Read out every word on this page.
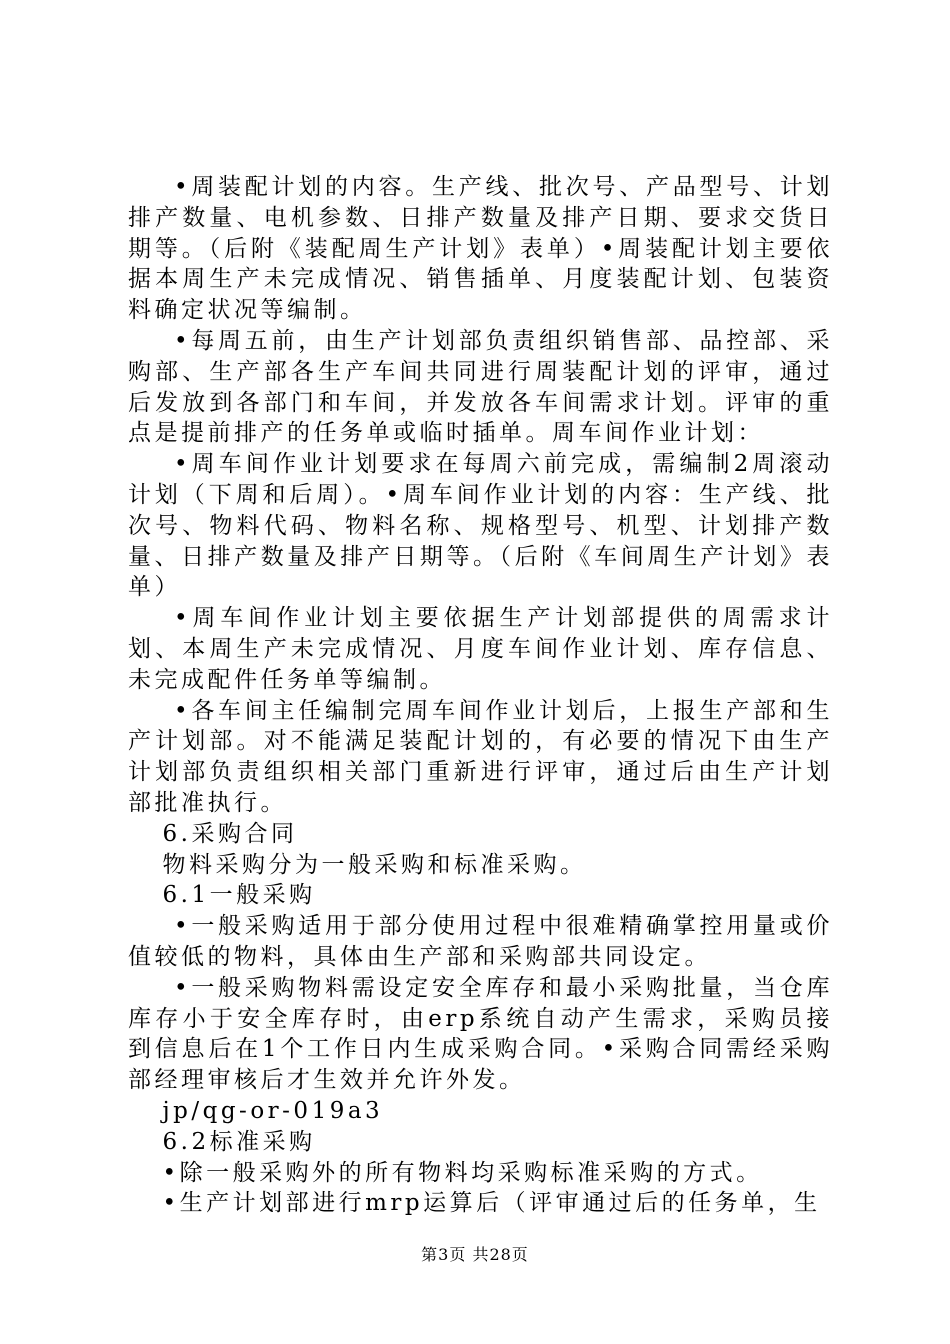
•周装配计划的内容。生产线、批次号、产品型号、计划排产数量、电机参数、日排产数量及排产日期、要求交货日期等。（后附《装配周生产计划》表单）•周装配计划主要依据本周生产未完成情况、销售插单、月度装配计划、包装资料确定状况等编制。

•每周五前，由生产计划部负责组织销售部、品控部、采购部、生产部各生产车间共同进行周装配计划的评审，通过后发放到各部门和车间，并发放各车间需求计划。评审的重点是提前排产的任务单或临时插单。周车间作业计划：

•周车间作业计划要求在每周六前完成，需编制2周滚动计划（下周和后周）。•周车间作业计划的内容：生产线、批次号、物料代码、物料名称、规格型号、机型、计划排产数量、日排产数量及排产日期等。（后附《车间周生产计划》表单）

•周车间作业计划主要依据生产计划部提供的周需求计划、本周生产未完成情况、月度车间作业计划、库存信息、未完成配件任务单等编制。

•各车间主任编制完周车间作业计划后，上报生产部和生产计划部。对不能满足装配计划的，有必要的情况下由生产计划部负责组织相关部门重新进行评审，通过后由生产计划部批准执行。

6.采购合同

物料采购分为一般采购和标准采购。

6.1一般采购

•一般采购适用于部分使用过程中很难精确掌控用量或价值较低的物料，具体由生产部和采购部共同设定。

•一般采购物料需设定安全库存和最小采购批量，当仓库库存小于安全库存时，由erp系统自动产生需求，采购员接到信息后在1个工作日内生成采购合同。•采购合同需经采购部经理审核后才生效并允许外发。

jp/qg-or-019a3

6.2标准采购

•除一般采购外的所有物料均采购标准采购的方式。

•生产计划部进行mrp运算后（评审通过后的任务单，生

第3页 共28页
